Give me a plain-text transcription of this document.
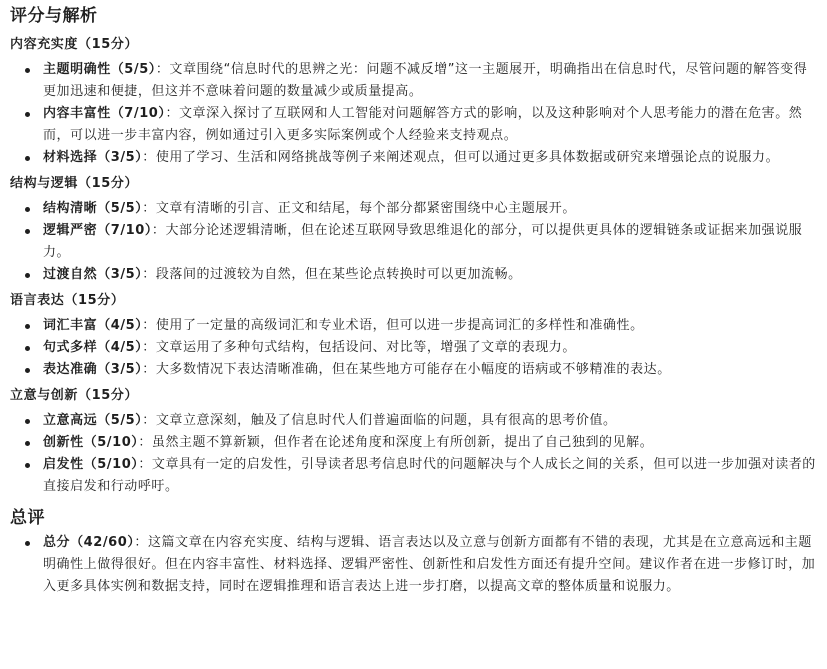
评分与解析
内容充实度（15分）
主题明确性（5/5）：文章围绕“信息时代的思辨之光：问题不减反增”这一主题展开，明确指出在信息时代，尽管问题的解答变得更加迅速和便捷，但这并不意味着问题的数量减少或质量提高。
内容丰富性（7/10）：文章深入探讨了互联网和人工智能对问题解答方式的影响，以及这种影响对个人思考能力的潜在危害。然而，可以进一步丰富内容，例如通过引入更多实际案例或个人经验来支持观点。
材料选择（3/5）：使用了学习、生活和网络挑战等例子来阐述观点，但可以通过更多具体数据或研究来增强论点的说服力。
结构与逻辑（15分）
结构清晰（5/5）：文章有清晰的引言、正文和结尾，每个部分都紧密围绕中心主题展开。
逻辑严密（7/10）：大部分论述逻辑清晰，但在论述互联网导致思维退化的部分，可以提供更具体的逻辑链条或证据来加强说服力。
过渡自然（3/5）：段落间的过渡较为自然，但在某些论点转换时可以更加流畅。
语言表达（15分）
词汇丰富（4/5）：使用了一定量的高级词汇和专业术语，但可以进一步提高词汇的多样性和准确性。
句式多样（4/5）：文章运用了多种句式结构，包括设问、对比等，增强了文章的表现力。
表达准确（3/5）：大多数情况下表达清晰准确，但在某些地方可能存在小幅度的语病或不够精准的表达。
立意与创新（15分）
立意高远（5/5）：文章立意深刻，触及了信息时代人们普遍面临的问题，具有很高的思考价值。
创新性（5/10）：虽然主题不算新颖，但作者在论述角度和深度上有所创新，提出了自己独到的见解。
启发性（5/10）：文章具有一定的启发性，引导读者思考信息时代的问题解决与个人成长之间的关系，但可以进一步加强对读者的直接启发和行动呼吁。
总评
总分（42/60）：这篇文章在内容充实度、结构与逻辑、语言表达以及立意与创新方面都有不错的表现，尤其是在立意高远和主题明确性上做得很好。但在内容丰富性、材料选择、逻辑严密性、创新性和启发性方面还有提升空间。建议作者在进一步修订时，加入更多具体实例和数据支持，同时在逻辑推理和语言表达上进一步打磨，以提高文章的整体质量和说服力。
